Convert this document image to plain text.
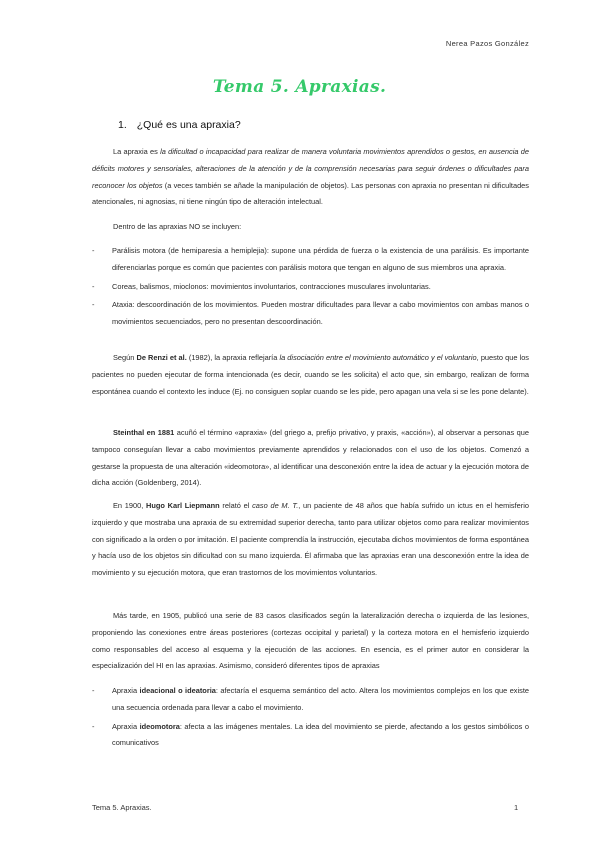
Nerea Pazos González
Tema 5. Apraxias.
1. ¿Qué es una apraxia?

La apraxia es la dificultad o incapacidad para realizar de manera voluntaria movimientos aprendidos o gestos, en ausencia de déficits motores y sensoriales, alteraciones de la atención y de la comprensión necesarias para seguir órdenes o dificultades para reconocer los objetos (a veces también se añade la manipulación de objetos). Las personas con apraxia no presentan ni dificultades atencionales, ni agnosias, ni tiene ningún tipo de alteración intelectual.

Dentro de las apraxias NO se incluyen:

- Parálisis motora (de hemiparesia a hemiplejia): supone una pérdida de fuerza o la existencia de una parálisis. Es importante diferenciarlas porque es común que pacientes con parálisis motora que tengan en alguno de sus miembros una apraxia.
- Coreas, balismos, mioclonos: movimientos involuntarios, contracciones musculares involuntarias.
- Ataxia: descoordinación de los movimientos. Pueden mostrar dificultades para llevar a cabo movimientos con ambas manos o movimientos secuenciados, pero no presentan descoordinación.

Según De Renzi et al. (1982), la apraxia reflejaría la disociación entre el movimiento automático y el voluntario, puesto que los pacientes no pueden ejecutar de forma intencionada (es decir, cuando se les solicita) el acto que, sin embargo, realizan de forma espontánea cuando el contexto les induce (Ej. no consiguen soplar cuando se les pide, pero apagan una vela si se les pone delante).

Steinthal en 1881 acuñó el término «apraxia» (del griego a, prefijo privativo, y praxis, «acción»), al observar a personas que tampoco conseguían llevar a cabo movimientos previamente aprendidos y relacionados con el uso de los objetos. Comenzó a gestarse la propuesta de una alteración «ideomotora», al identificar una desconexión entre la idea de actuar y la ejecución motora de dicha acción (Goldenberg, 2014).

En 1900, Hugo Karl Liepmann relató el caso de M. T., un paciente de 48 años que había sufrido un ictus en el hemisferio izquierdo y que mostraba una apraxia de su extremidad superior derecha, tanto para utilizar objetos como para realizar movimientos con significado a la orden o por imitación. El paciente comprendía la instrucción, ejecutaba dichos movimientos de forma espontánea y hacía uso de los objetos sin dificultad con su mano izquierda. Él afirmaba que las apraxias eran una desconexión entre la idea de movimiento y su ejecución motora, que eran trastornos de los movimientos voluntarios.

Más tarde, en 1905, publicó una serie de 83 casos clasificados según la lateralización derecha o izquierda de las lesiones, proponiendo las conexiones entre áreas posteriores (cortezas occipital y parietal) y la corteza motora en el hemisferio izquierdo como responsables del acceso al esquema y la ejecución de las acciones. En esencia, es el primer autor en considerar la especialización del HI en las apraxias. Asimismo, consideró diferentes tipos de apraxias

- Apraxia ideacional o ideatoria: afectaría el esquema semántico del acto. Altera los movimientos complejos en los que existe una secuencia ordenada para llevar a cabo el movimiento.
- Apraxia ideomotora: afecta a las imágenes mentales. La idea del movimiento se pierde, afectando a los gestos simbólicos o comunicativos
Tema 5. Apraxias.	1
